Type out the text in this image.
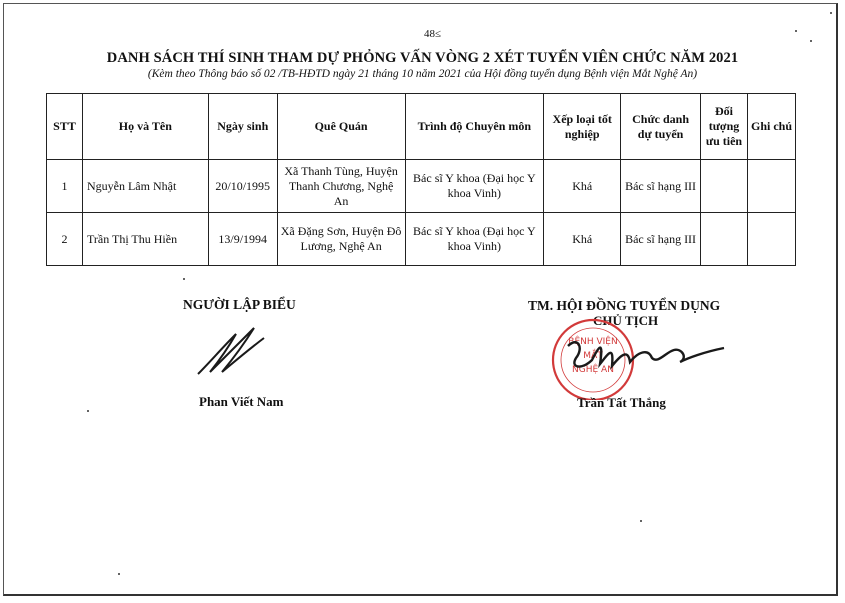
48≤
DANH SÁCH THÍ SINH THAM DỰ PHỎNG VẤN VÒNG 2 XÉT TUYỂN VIÊN CHỨC NĂM 2021
(Kèm theo Thông báo số 02 /TB-HĐTD ngày 21 tháng 10 năm 2021 của Hội đồng tuyển dụng Bệnh viện Mắt Nghệ An)
STT	Họ và Tên	Ngày sinh	Quê Quán	Trình độ Chuyên môn	Xếp loại tốt nghiệp	Chức danh dự tuyển	Đối tượng ưu tiên	Ghi chú
1	Nguyễn Lâm Nhật	20/10/1995	Xã Thanh Tùng, Huyện Thanh Chương, Nghệ An	Bác sĩ Y khoa (Đại học Y khoa Vinh)	Khá	Bác sĩ hạng III		
2	Trần Thị Thu Hiền	13/9/1994	Xã Đặng Sơn, Huyện Đô Lương, Nghệ An	Bác sĩ Y khoa (Đại học Y khoa Vinh)	Khá	Bác sĩ hạng III		
NGƯỜI LẬP BIỂU
Phan Viết Nam
TM. HỘI ĐỒNG TUYỂN DỤNG
CHỦ TỊCH
BỆNH VIỆN
MẮT
NGHỆ AN
Trần Tất Thắng
